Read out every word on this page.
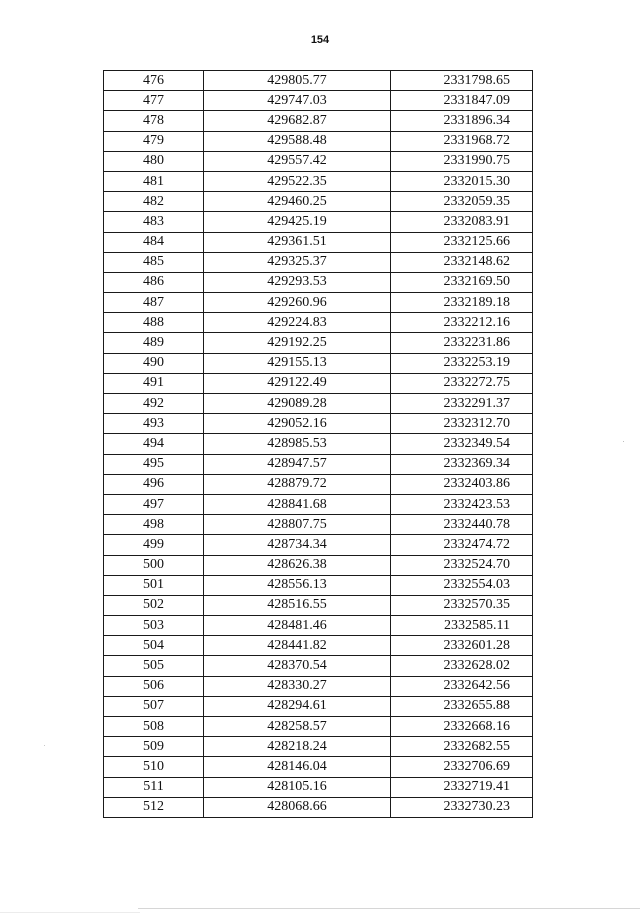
154
476	429805.77	2331798.65
477	429747.03	2331847.09
478	429682.87	2331896.34
479	429588.48	2331968.72
480	429557.42	2331990.75
481	429522.35	2332015.30
482	429460.25	2332059.35
483	429425.19	2332083.91
484	429361.51	2332125.66
485	429325.37	2332148.62
486	429293.53	2332169.50
487	429260.96	2332189.18
488	429224.83	2332212.16
489	429192.25	2332231.86
490	429155.13	2332253.19
491	429122.49	2332272.75
492	429089.28	2332291.37
493	429052.16	2332312.70
494	428985.53	2332349.54
495	428947.57	2332369.34
496	428879.72	2332403.86
497	428841.68	2332423.53
498	428807.75	2332440.78
499	428734.34	2332474.72
500	428626.38	2332524.70
501	428556.13	2332554.03
502	428516.55	2332570.35
503	428481.46	2332585.11
504	428441.82	2332601.28
505	428370.54	2332628.02
506	428330.27	2332642.56
507	428294.61	2332655.88
508	428258.57	2332668.16
509	428218.24	2332682.55
510	428146.04	2332706.69
511	428105.16	2332719.41
512	428068.66	2332730.23
